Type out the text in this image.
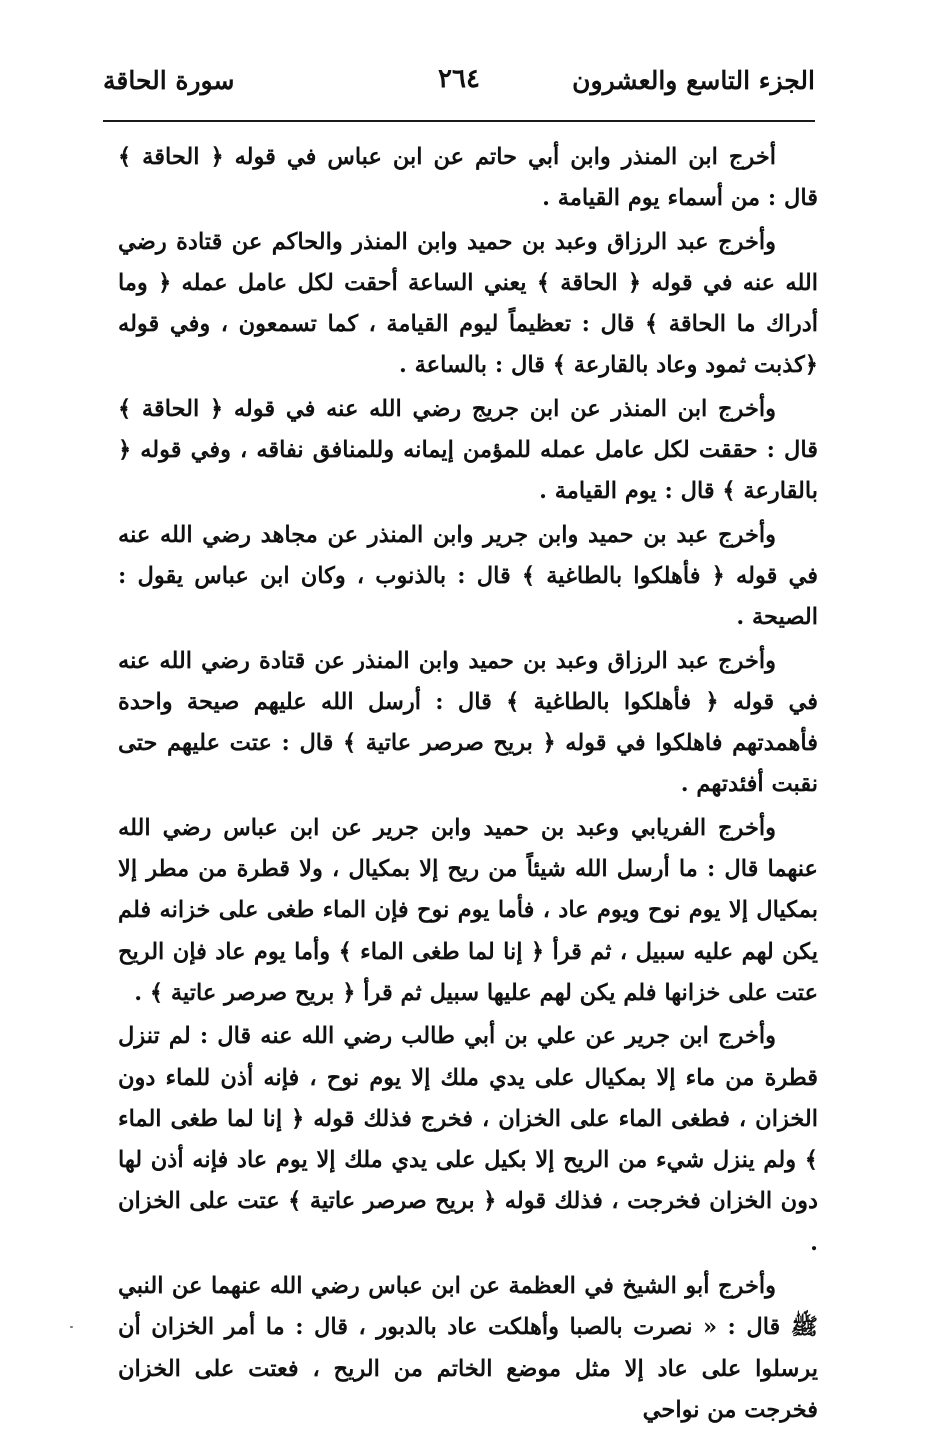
الجزء التاسع والعشرون
٢٦٤
سورة الحاقة

أخرج ابن المنذر وابن أبي حاتم عن ابن عباس في قوله ﴿ الحاقة ﴾ قال : من أسماء يوم القيامة .

وأخرج عبد الرزاق وعبد بن حميد وابن المنذر والحاكم عن قتادة رضي الله عنه في قوله ﴿ الحاقة ﴾ يعني الساعة أحقت لكل عامل عمله ﴿ وما أدراك ما الحاقة ﴾ قال : تعظيماً ليوم القيامة ، كما تسمعون ، وفي قوله ﴿كذبت ثمود وعاد بالقارعة ﴾ قال : بالساعة .

وأخرج ابن المنذر عن ابن جريج رضي الله عنه في قوله ﴿ الحاقة ﴾ قال : حققت لكل عامل عمله للمؤمن إيمانه وللمنافق نفاقه ، وفي قوله ﴿ بالقارعة ﴾ قال : يوم القيامة .

وأخرج عبد بن حميد وابن جرير وابن المنذر عن مجاهد رضي الله عنه في قوله ﴿ فأهلكوا بالطاغية ﴾ قال : بالذنوب ، وكان ابن عباس يقول : الصيحة .

وأخرج عبد الرزاق وعبد بن حميد وابن المنذر عن قتادة رضي الله عنه في قوله ﴿ فأهلكوا بالطاغية ﴾ قال : أرسل الله عليهم صيحة واحدة فأهمدتهم فاهلكوا في قوله ﴿ بريح صرصر عاتية ﴾ قال : عتت عليهم حتى نقبت أفئدتهم .

وأخرج الفريابي وعبد بن حميد وابن جرير عن ابن عباس رضي الله عنهما قال : ما أرسل الله شيئاً من ريح إلا بمكيال ، ولا قطرة من مطر إلا بمكيال إلا يوم نوح ويوم عاد ، فأما يوم نوح فإن الماء طغى على خزانه فلم يكن لهم عليه سبيل ، ثم قرأ ﴿ إنا لما طغى الماء ﴾ وأما يوم عاد فإن الريح عتت على خزانها فلم يكن لهم عليها سبيل ثم قرأ ﴿ بريح صرصر عاتية ﴾ .

وأخرج ابن جرير عن علي بن أبي طالب رضي الله عنه قال : لم تنزل قطرة من ماء إلا بمكيال على يدي ملك إلا يوم نوح ، فإنه أذن للماء دون الخزان ، فطغى الماء على الخزان ، فخرج فذلك قوله ﴿ إنا لما طغى الماء ﴾ ولم ينزل شيء من الريح إلا بكيل على يدي ملك إلا يوم عاد فإنه أذن لها دون الخزان فخرجت ، فذلك قوله ﴿ بريح صرصر عاتية ﴾ عتت على الخزان .

وأخرج أبو الشيخ في العظمة عن ابن عباس رضي الله عنهما عن النبي ﷺ قال : « نصرت بالصبا وأهلكت عاد بالدبور ، قال : ما أمر الخزان أن يرسلوا على عاد إلا مثل موضع الخاتم من الريح ، فعتت على الخزان فخرجت من نواحي
